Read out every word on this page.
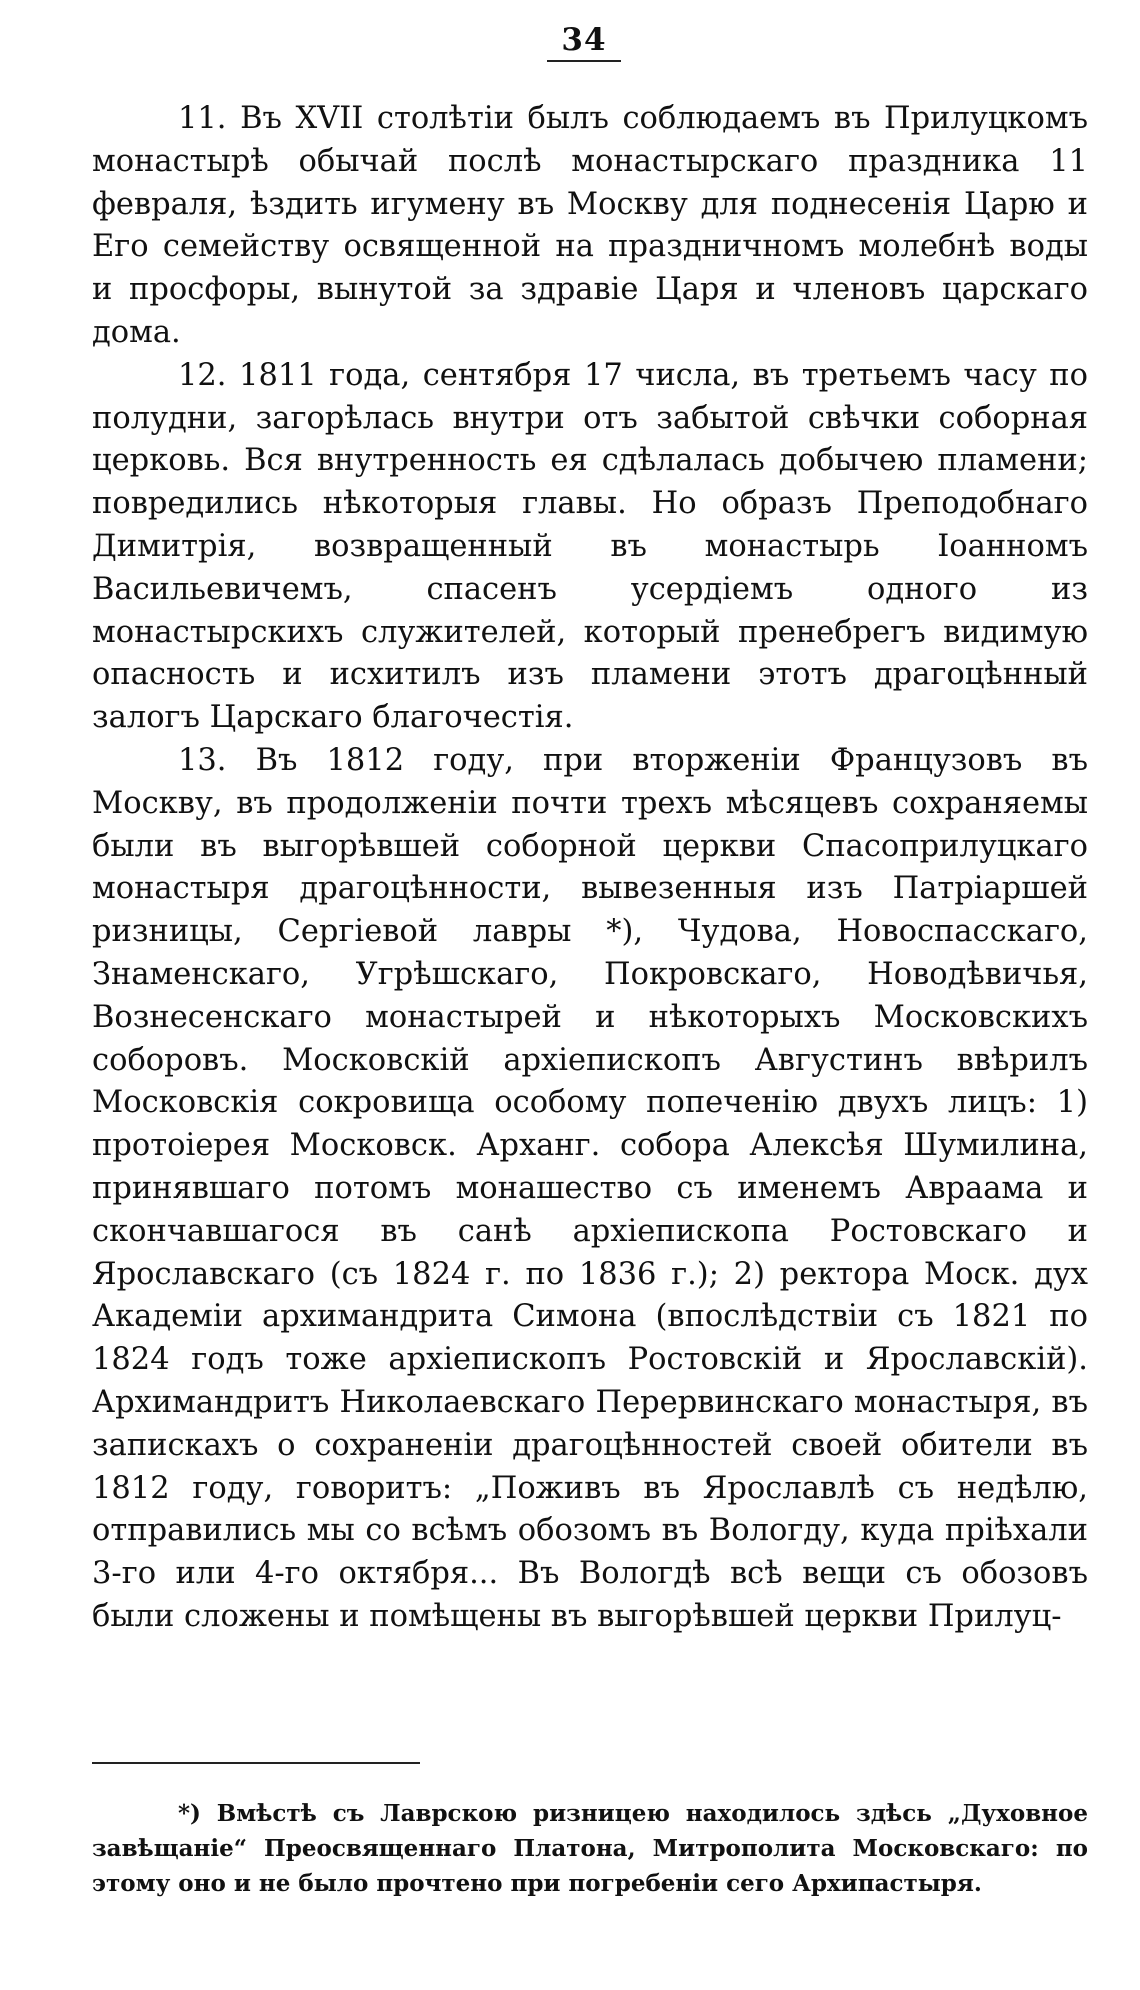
34

11. Въ XVII столѣтіи былъ соблюдаемъ въ Прилуцкомъ монастырѣ обычай послѣ монастырскаго праздника 11 февраля, ѣздить игумену въ Москву для поднесенія Царю и Его семейству освященной на праздничномъ молебнѣ воды и просфоры, вынутой за здравіе Царя и членовъ царскаго дома.

12. 1811 года, сентября 17 числа, въ третьемъ часу по полудни, загорѣлась внутри отъ забытой свѣчки соборная церковь. Вся внутренность ея сдѣлалась добычею пламени; повредились нѣкоторыя главы. Но образъ Преподобнаго Димитрія, возвращенный въ монастырь Іоанномъ Васильевичемъ, спасенъ усердіемъ одного из монастырскихъ служителей, который пренебрегъ видимую опасность и исхитилъ изъ пламени этотъ драгоцѣнный залогъ Царскаго благочестія.

13. Въ 1812 году, при вторженіи Французовъ въ Москву, въ продолженіи почти трехъ мѣсяцевъ сохраняемы были въ выгорѣвшей соборной церкви Спасоприлуцкаго монастыря драгоцѣнности, вывезенныя изъ Патріаршей ризницы, Сергіевой лавры *), Чудова, Новоспасскаго, Знаменскаго, Угрѣшскаго, Покровскаго, Новодѣвичья, Вознесенскаго монастырей и нѣкоторыхъ Московскихъ соборовъ. Московскій архіепископъ Августинъ ввѣрилъ Московскія сокровища особому попеченію двухъ лицъ: 1) протоіерея Московск. Арханг. собора Алексѣя Шумилина, принявшаго потомъ монашество съ именемъ Авраама и скончавшагося въ санѣ архіепископа Ростовскаго и Ярославскаго (съ 1824 г. по 1836 г.); 2) ректора Моск. дух Академіи архимандрита Симона (впослѣдствіи съ 1821 по 1824 годъ тоже архіепископъ Ростовскій и Ярославскій). Архимандритъ Николаевскаго Перервинскаго монастыря, въ запискахъ о сохраненіи драгоцѣнностей своей обители въ 1812 году, говоритъ: „Поживъ въ Ярославлѣ съ недѣлю, отправились мы со всѣмъ обозомъ въ Вологду, куда пріѣхали 3-го или 4-го октября... Въ Вологдѣ всѣ вещи съ обозовъ были сложены и помѣщены въ выгорѣвшей церкви Прилуц-

*) Вмѣстѣ съ Лаврскою ризницею находилось здѣсь „Духовное завѣщаніе“ Преосвященнаго Платона, Митрополита Московскаго: по этому оно и не было прочтено при погребеніи сего Архипастыря.
